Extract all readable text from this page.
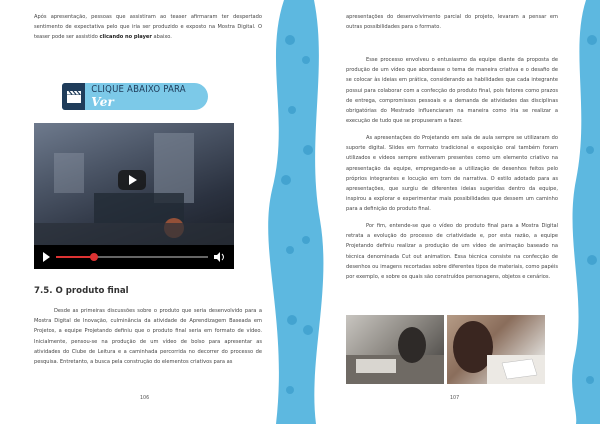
Após apresentação, pessoas que assistiram ao teaser afirmaram ter despertado sentimento de expectativa pelo que iria ser produzido e exposto na Mostra Digital. O teaser pode ser assistido clicando no player abaixo.

CLIQUE ABAIXO PARA Ver
7.5. O produto final

Desde as primeiras discussões sobre o produto que seria desenvolvido para a Mostra Digital de Inovação, culminância da atividade de Aprendizagem Baseada em Projetos, a equipe Projetando definiu que o produto final seria em formato de vídeo. Inicialmente, pensou-se na produção de um vídeo de bolso para apresentar as atividades do Clube de Leitura e a caminhada percorrida no decorrer do processo de pesquisa. Entretanto, a busca pela construção do elementos criativos para as

106

apresentações do desenvolvimento parcial do projeto, levaram a pensar em outras possibilidades para o formato.

Esse processo envolveu o entusiasmo da equipe diante da proposta de produção de um vídeo que abordasse o tema de maneira criativa e o desafio de se colocar às ideias em prática, considerando as habilidades que cada integrante possui para colaborar com a confecção do produto final, pois fatores como prazos de entrega, compromissos pessoais e a demanda de atividades das disciplinas obrigatórias do Mestrado influenciaram na maneira como iria se realizar a execução de tudo que se propuseram a fazer.

As apresentações do Projetando em sala de aula sempre se utilizaram do suporte digital. Slides em formato tradicional e exposição oral também foram utilizados e vídeos sempre estiveram presentes como um elemento criativo na apresentação da equipe, empregando-se a utilização de desenhos feitos pelo próprios integrantes e locução em tom de narrativa. O estilo adotado para as apresentações, que surgiu de diferentes ideias sugeridas dentro da equipe, inspirou a explorar e experimentar mais possibilidades que dessem um caminho para a definição do produto final.

Por fim, entende-se que o vídeo do produto final para a Mostra Digital retrata a evolução do processo de criatividade e, por esta razão, a equipe Projetando definiu realizar a produção de um vídeo de animação baseado na técnica denominada Cut out animation. Essa técnica consiste na confecção de desenhos ou imagens recortadas sobre diferentes tipos de materiais, como papéis por exemplo, e sobre os quais são construídos personagens, objetos e cenários.

107
